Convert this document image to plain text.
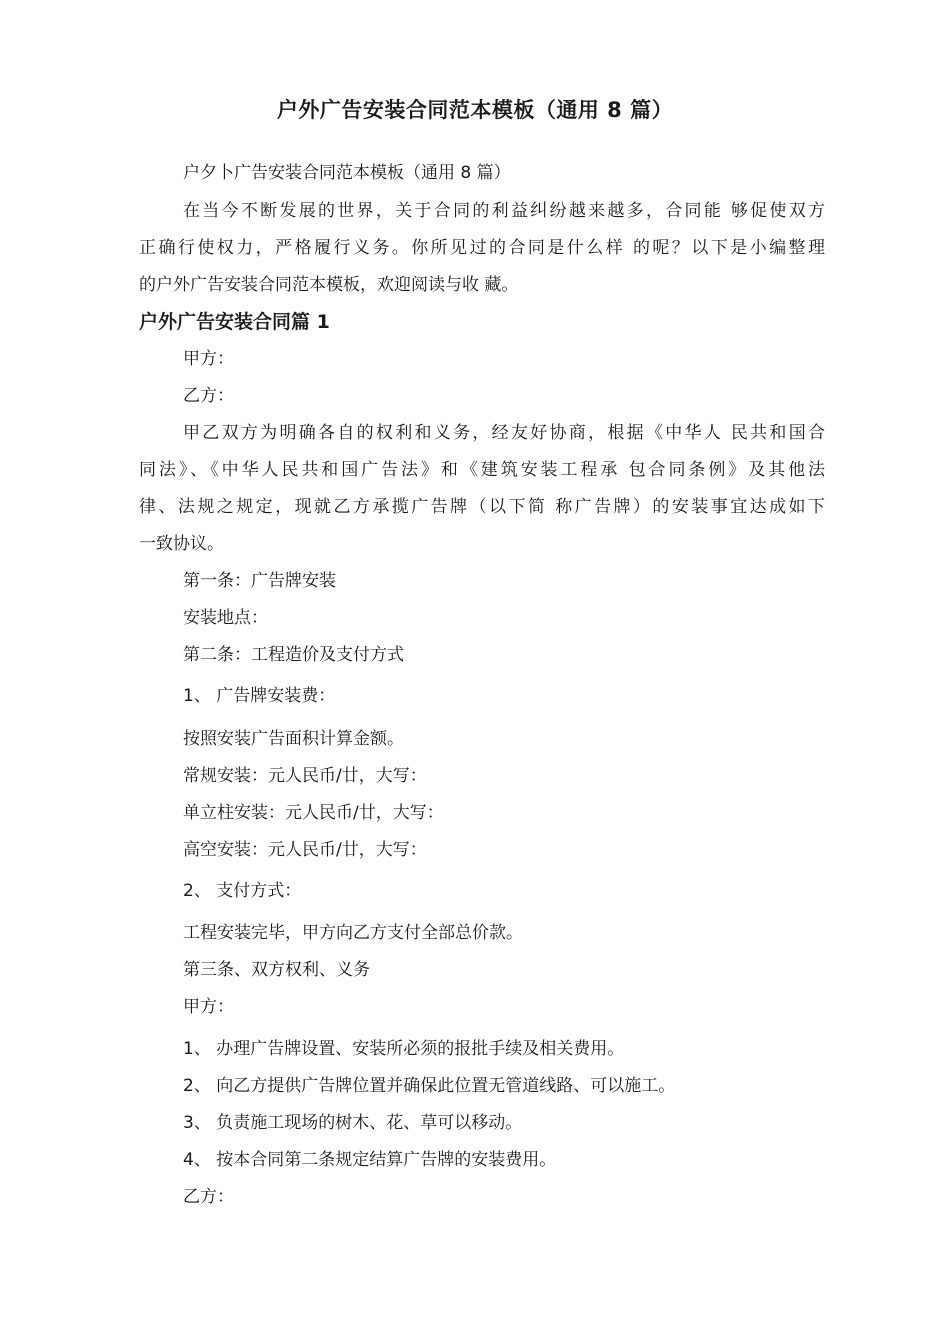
户外广告安装合同范本模板（通用 8 篇）
户夕卜广告安装合同范本模板（通用 8 篇）
在当今不断发展的世界，关于合同的利益纠纷越来越多，合同能 够促使双方
正确行使权力，严格履行义务。你所见过的合同是什么样 的呢？以下是小编整理
的户外广告安装合同范本模板，欢迎阅读与收 藏。
户外广告安装合同篇 1
甲方：
乙方：
甲乙双方为明确各自的权利和义务，经友好协商，根据《中华人 民共和国合
同法》、《中华人民共和国广告法》和《建筑安装工程承 包合同条例》及其他法
律、法规之规定，现就乙方承揽广告牌（以下简 称广告牌）的安装事宜达成如下
一致协议。
第一条：广告牌安装
安装地点：
第二条：工程造价及支付方式
1、 广告牌安装费：
按照安装广告面积计算金额。
常规安装：元人民币/廿，大写：
单立柱安装：元人民币/廿，大写：
高空安装：元人民币/廿，大写：
2、 支付方式：
工程安装完毕，甲方向乙方支付全部总价款。
第三条、双方权利、义务
甲方：
1、 办理广告牌设置、安装所必须的报批手续及相关费用。
2、 向乙方提供广告牌位置并确保此位置无管道线路、可以施工。
3、 负责施工现场的树木、花、草可以移动。
4、 按本合同第二条规定结算广告牌的安装费用。
乙方：
